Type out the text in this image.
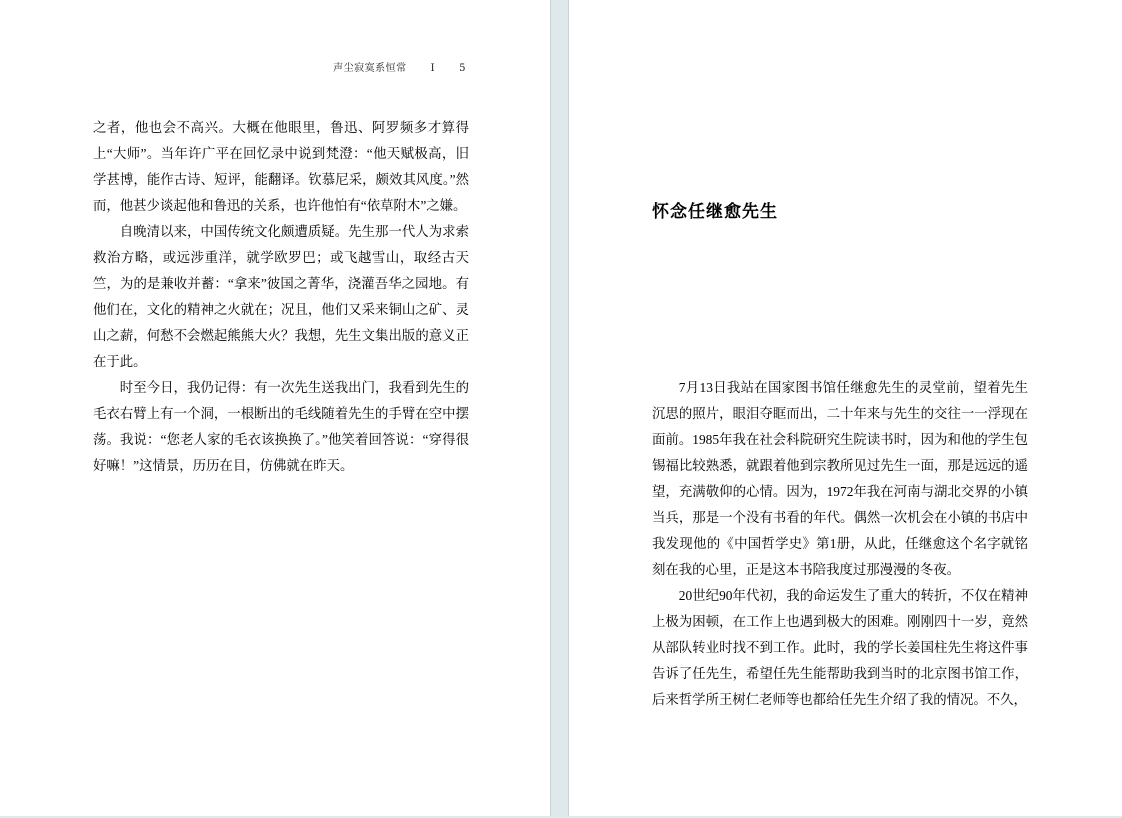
声尘寂寞系恒常 I 5

之者，他也会不高兴。大概在他眼里，鲁迅、阿罗频多才算得上“大师”。当年许广平在回忆录中说到梵澄：“他天赋极高，旧学甚博，能作古诗、短评，能翻译。钦慕尼采，颇效其风度。”然而，他甚少谈起他和鲁迅的关系，也许他怕有“依草附木”之嫌。

自晚清以来，中国传统文化颇遭质疑。先生那一代人为求索救治方略，或远涉重洋，就学欧罗巴；或飞越雪山，取经古天竺，为的是兼收并蓄：“拿来”彼国之菁华，浇灌吾华之园地。有他们在，文化的精神之火就在；况且，他们又采来铜山之矿、灵山之薪，何愁不会燃起熊熊大火？我想，先生文集出版的意义正在于此。

时至今日，我仍记得：有一次先生送我出门，我看到先生的毛衣右臂上有一个洞，一根断出的毛线随着先生的手臂在空中摆荡。我说：“您老人家的毛衣该换换了。”他笑着回答说：“穿得很好嘛！”这情景，历历在目，仿佛就在昨天。

怀念任继愈先生

7月13日我站在国家图书馆任继愈先生的灵堂前，望着先生沉思的照片，眼泪夺眶而出，二十年来与先生的交往一一浮现在面前。1985年我在社会科院研究生院读书时，因为和他的学生包锡福比较熟悉，就跟着他到宗教所见过先生一面，那是远远的遥望，充满敬仰的心情。因为，1972年我在河南与湖北交界的小镇当兵，那是一个没有书看的年代。偶然一次机会在小镇的书店中我发现他的《中国哲学史》第1册，从此，任继愈这个名字就铭刻在我的心里，正是这本书陪我度过那漫漫的冬夜。

20世纪90年代初，我的命运发生了重大的转折，不仅在精神上极为困顿，在工作上也遇到极大的困难。刚刚四十一岁，竟然从部队转业时找不到工作。此时，我的学长姜国柱先生将这件事告诉了任先生，希望任先生能帮助我到当时的北京图书馆工作，后来哲学所王树仁老师等也都给任先生介绍了我的情况。不久，
